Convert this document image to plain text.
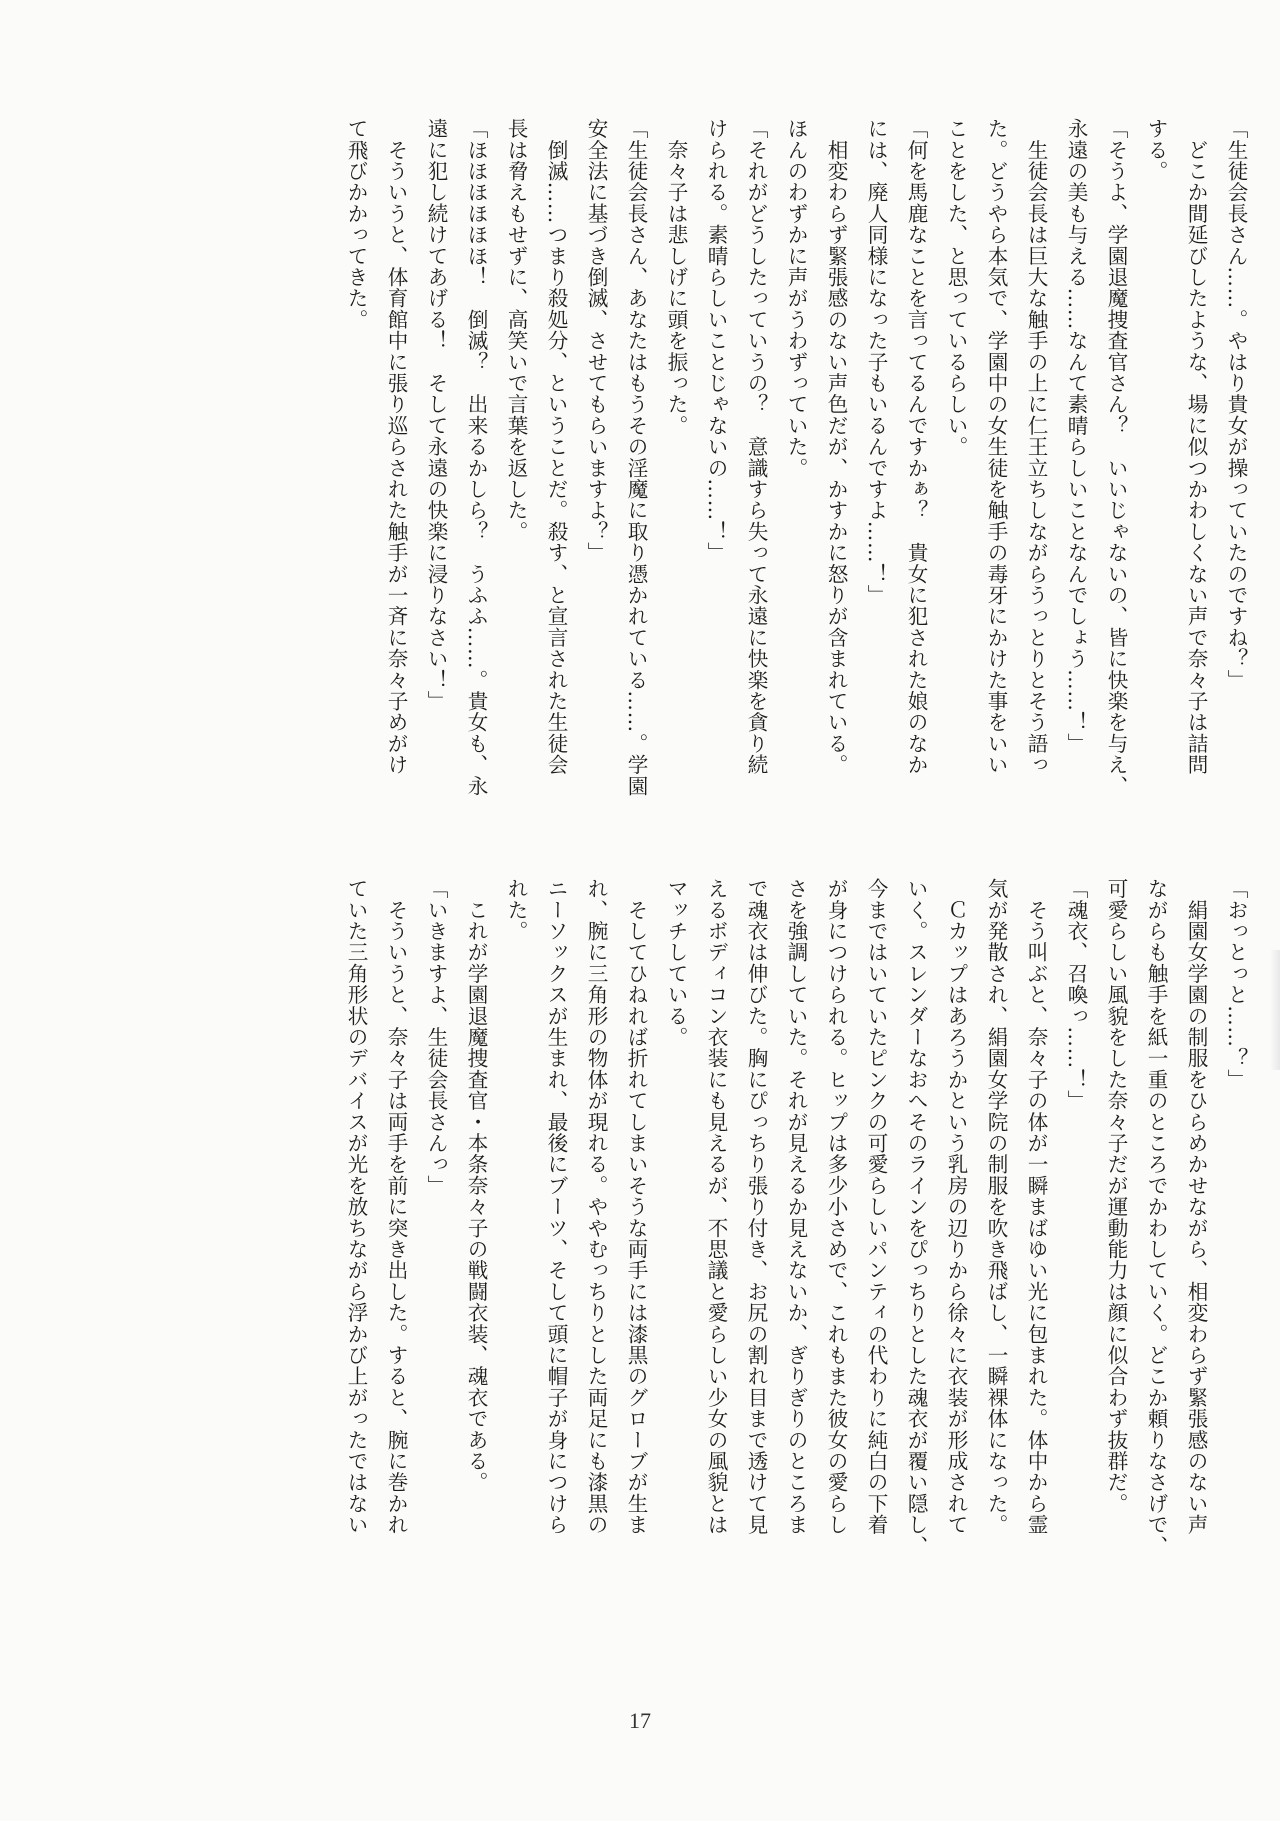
「生徒会長さん……。やはり貴女が操っていたのですね？」
　どこか間延びしたような、場に似つかわしくない声で奈々子は詰問
する。
「そうよ、学園退魔捜査官さん？　いいじゃないの、皆に快楽を与え、
永遠の美も与える……なんて素晴らしいことなんでしょう……！」
　生徒会長は巨大な触手の上に仁王立ちしながらうっとりとそう語っ
た。どうやら本気で、学園中の女生徒を触手の毒牙にかけた事をいい
ことをした、と思っているらしい。
「何を馬鹿なことを言ってるんですかぁ？　貴女に犯された娘のなか
には、廃人同様になった子もいるんですよ……！」
　相変わらず緊張感のない声色だが、かすかに怒りが含まれている。
ほんのわずかに声がうわずっていた。
「それがどうしたっていうの？　意識すら失って永遠に快楽を貪り続
けられる。素晴らしいことじゃないの……！」
　奈々子は悲しげに頭を振った。
「生徒会長さん、あなたはもうその淫魔に取り憑かれている……。学園
安全法に基づき倒滅、させてもらいますよ？」
　倒滅……つまり殺処分、ということだ。殺す、と宣言された生徒会
長は脅えもせずに、高笑いで言葉を返した。
「ほほほほほほ！　倒滅？　出来るかしら？　うふふ……。貴女も、永
遠に犯し続けてあげる！　そして永遠の快楽に浸りなさい！」
　そういうと、体育館中に張り巡らされた触手が一斉に奈々子めがけ
て飛びかかってきた。
「おっとっと……？」
　絹園女学園の制服をひらめかせながら、相変わらず緊張感のない声
ながらも触手を紙一重のところでかわしていく。どこか頼りなさげで、
可愛らしい風貌をした奈々子だが運動能力は顔に似合わず抜群だ。
「魂衣、召喚っ……！」
　そう叫ぶと、奈々子の体が一瞬まばゆい光に包まれた。体中から霊
気が発散され、絹園女学院の制服を吹き飛ばし、一瞬裸体になった。
　Ｃカップはあろうかという乳房の辺りから徐々に衣装が形成されて
いく。スレンダーなおへそのラインをぴっちりとした魂衣が覆い隠し、
今まではいていたピンクの可愛らしいパンティの代わりに純白の下着
が身につけられる。ヒップは多少小さめで、これもまた彼女の愛らし
さを強調していた。それが見えるか見えないか、ぎりぎりのところま
で魂衣は伸びた。胸にぴっちり張り付き、お尻の割れ目まで透けて見
えるボディコン衣装にも見えるが、不思議と愛らしい少女の風貌とは
マッチしている。
　そしてひねれば折れてしまいそうな両手には漆黒のグローブが生ま
れ、腕に三角形の物体が現れる。ややむっちりとした両足にも漆黒の
ニーソックスが生まれ、最後にブーツ、そして頭に帽子が身につけら
れた。
　これが学園退魔捜査官・本条奈々子の戦闘衣装、魂衣である。
「いきますよ、生徒会長さんっ」
　そういうと、奈々子は両手を前に突き出した。すると、腕に巻かれ
ていた三角形状のデバイスが光を放ちながら浮かび上がったではない
17
